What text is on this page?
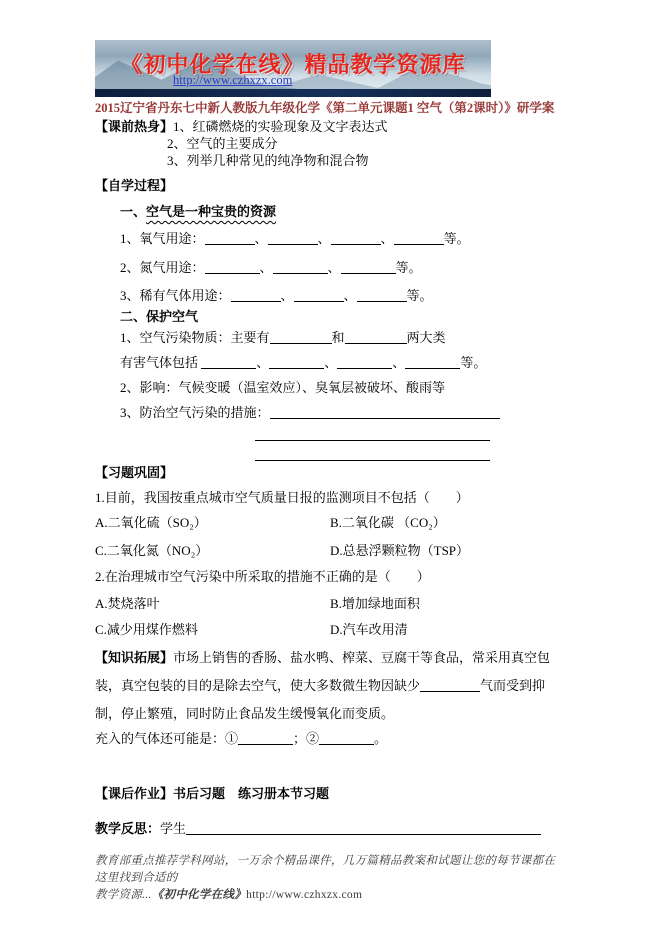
《初中化学在线》精品教学资源库
http://www.czhxzx.com
2015辽宁省丹东七中新人教版九年级化学《第二单元课题1 空气（第2课时）》研学案
【课前热身】1、红磷燃烧的实验现象及文字表达式
2、空气的主要成分
3、列举几种常见的纯净物和混合物
【自学过程】
一、空气是一种宝贵的资源
1、氧气用途：	、	、	、	等。
2、氮气用途：	、	、	等。
3、稀有气体用途：	、	、	等。
二、保护空气
1、空气污染物质：主要有	和	两大类
有害气体包括	、	、	、	等。
2、影响：气候变暖（温室效应）、臭氧层被破坏、酸雨等
3、防治空气污染的措施：
【习题巩固】
1.目前，我国按重点城市空气质量日报的监测项目不包括（　　）
A.二氧化硫（SO₂）	B.二氧化碳 （CO₂）
C.二氧化氮（NO₂）	D.总悬浮颗粒物（TSP）
2.在治理城市空气污染中所采取的措施不正确的是（　　）
A.焚烧落叶	B.增加绿地面积
C.减少用煤作燃料	D.汽车改用清
【知识拓展】市场上销售的香肠、盐水鸭、榨菜、豆腐干等食品，常采用真空包装，真空包装的目的是除去空气，使大多数微生物因缺少	气而受到抑制，停止繁殖，同时防止食品发生缓慢氧化而变质。
充入的气体还可能是：①	；②	。
【课后作业】书后习题　练习册本节习题
教学反思：学生
教育部重点推荐学科网站，一万余个精品课件，几万篇精品教案和试题让您的每节课都在这里找到合适的
教学资源...《初中化学在线》http://www.czhxzx.com
